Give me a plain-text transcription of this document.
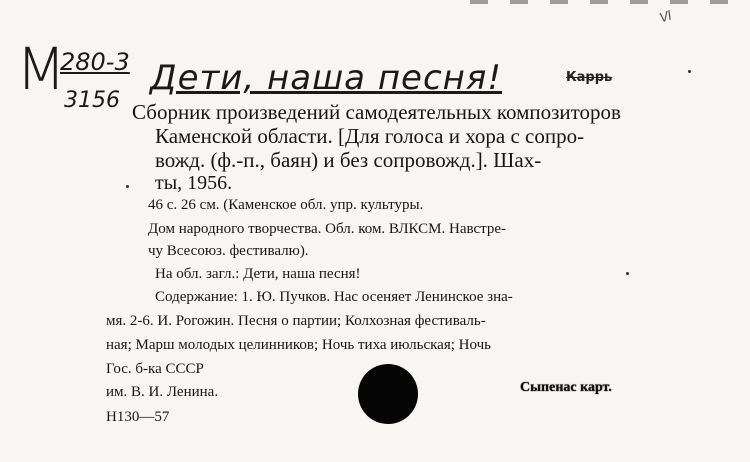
М
280-3
3156
Дети, наша песня!
Ⅵ
Каррь
Сборник произведений самодеятельных композиторов
Каменской области. [Для голоса и хора с сопро-
вожд. (ф.-п., баян) и без сопровожд.]. Шах-
ты, 1956.
46 с. 26 см. (Каменское обл. упр. культуры.
Дом народного творчества. Обл. ком. ВЛКСМ. Навстре-
чу Всесоюз. фестивалю).
На обл. загл.: Дети, наша песня!
Содержание: 1. Ю. Пучков. Нас осеняет Ленинское зна-
мя. 2-6. И. Рогожин. Песня о партии; Колхозная фестиваль-
ная; Марш молодых целинников; Ночь тиха июльская; Ночь
Гос. б-ка СССР
им. В. И. Ленина.
Н130—57
Сыпенас карт.
